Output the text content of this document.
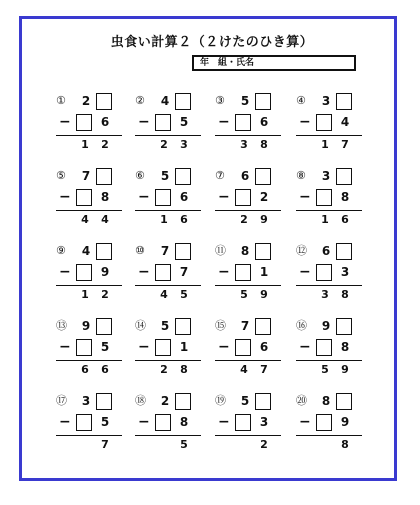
虫食い計算２（２けたのひき算）
年　組・氏名
① 2
−	6
1 2
② 4
−	5
2 3
③ 5
−	6
3 8
④ 3
−	4
1 7
⑤ 7
−	8
4 4
⑥ 5
−	6
1 6
⑦ 6
−	2
2 9
⑧ 3
−	8
1 6
⑨ 4
−	9
1 2
⑩ 7
−	7
4 5
⑪ 8
−	1
5 9
⑫ 6
−	3
3 8
⑬ 9
−	5
6 6
⑭ 5
−	1
2 8
⑮ 7
−	6
4 7
⑯ 9
−	8
5 9
⑰ 3
−	5
7
⑱ 2
−	8
5
⑲ 5
−	3
2
⑳ 8
−	9
8
